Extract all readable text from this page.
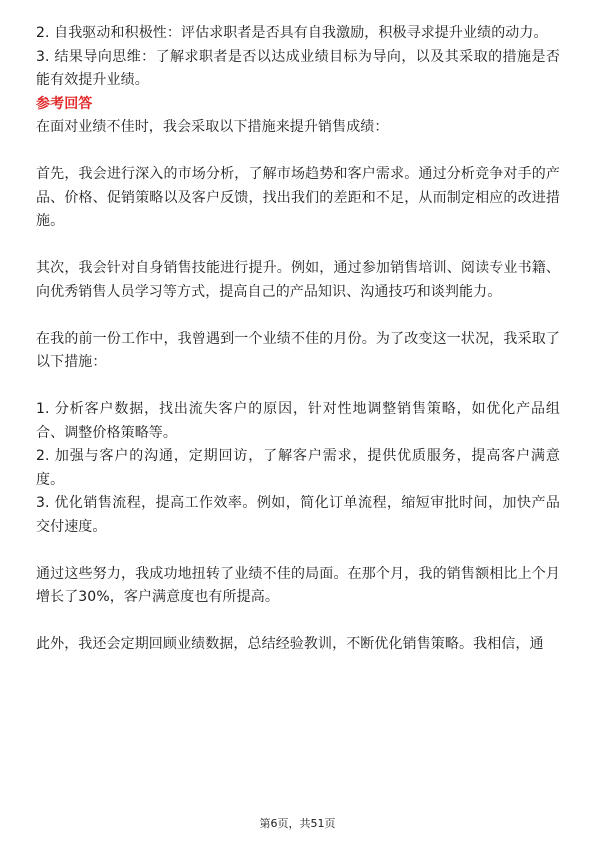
2. 自我驱动和积极性：评估求职者是否具有自我激励，积极寻求提升业绩的动力。

3. 结果导向思维：了解求职者是否以达成业绩目标为导向，以及其采取的措施是否能有效提升业绩。

参考回答

在面对业绩不佳时，我会采取以下措施来提升销售成绩：

首先，我会进行深入的市场分析，了解市场趋势和客户需求。通过分析竞争对手的产品、价格、促销策略以及客户反馈，找出我们的差距和不足，从而制定相应的改进措施。

其次，我会针对自身销售技能进行提升。例如，通过参加销售培训、阅读专业书籍、向优秀销售人员学习等方式，提高自己的产品知识、沟通技巧和谈判能力。

在我的前一份工作中，我曾遇到一个业绩不佳的月份。为了改变这一状况，我采取了以下措施：

1. 分析客户数据，找出流失客户的原因，针对性地调整销售策略，如优化产品组合、调整价格策略等。

2. 加强与客户的沟通，定期回访，了解客户需求，提供优质服务，提高客户满意度。

3. 优化销售流程，提高工作效率。例如，简化订单流程，缩短审批时间，加快产品交付速度。

通过这些努力，我成功地扭转了业绩不佳的局面。在那个月，我的销售额相比上个月增长了30%，客户满意度也有所提高。

此外，我还会定期回顾业绩数据，总结经验教训，不断优化销售策略。我相信，通

第6页，共51页
